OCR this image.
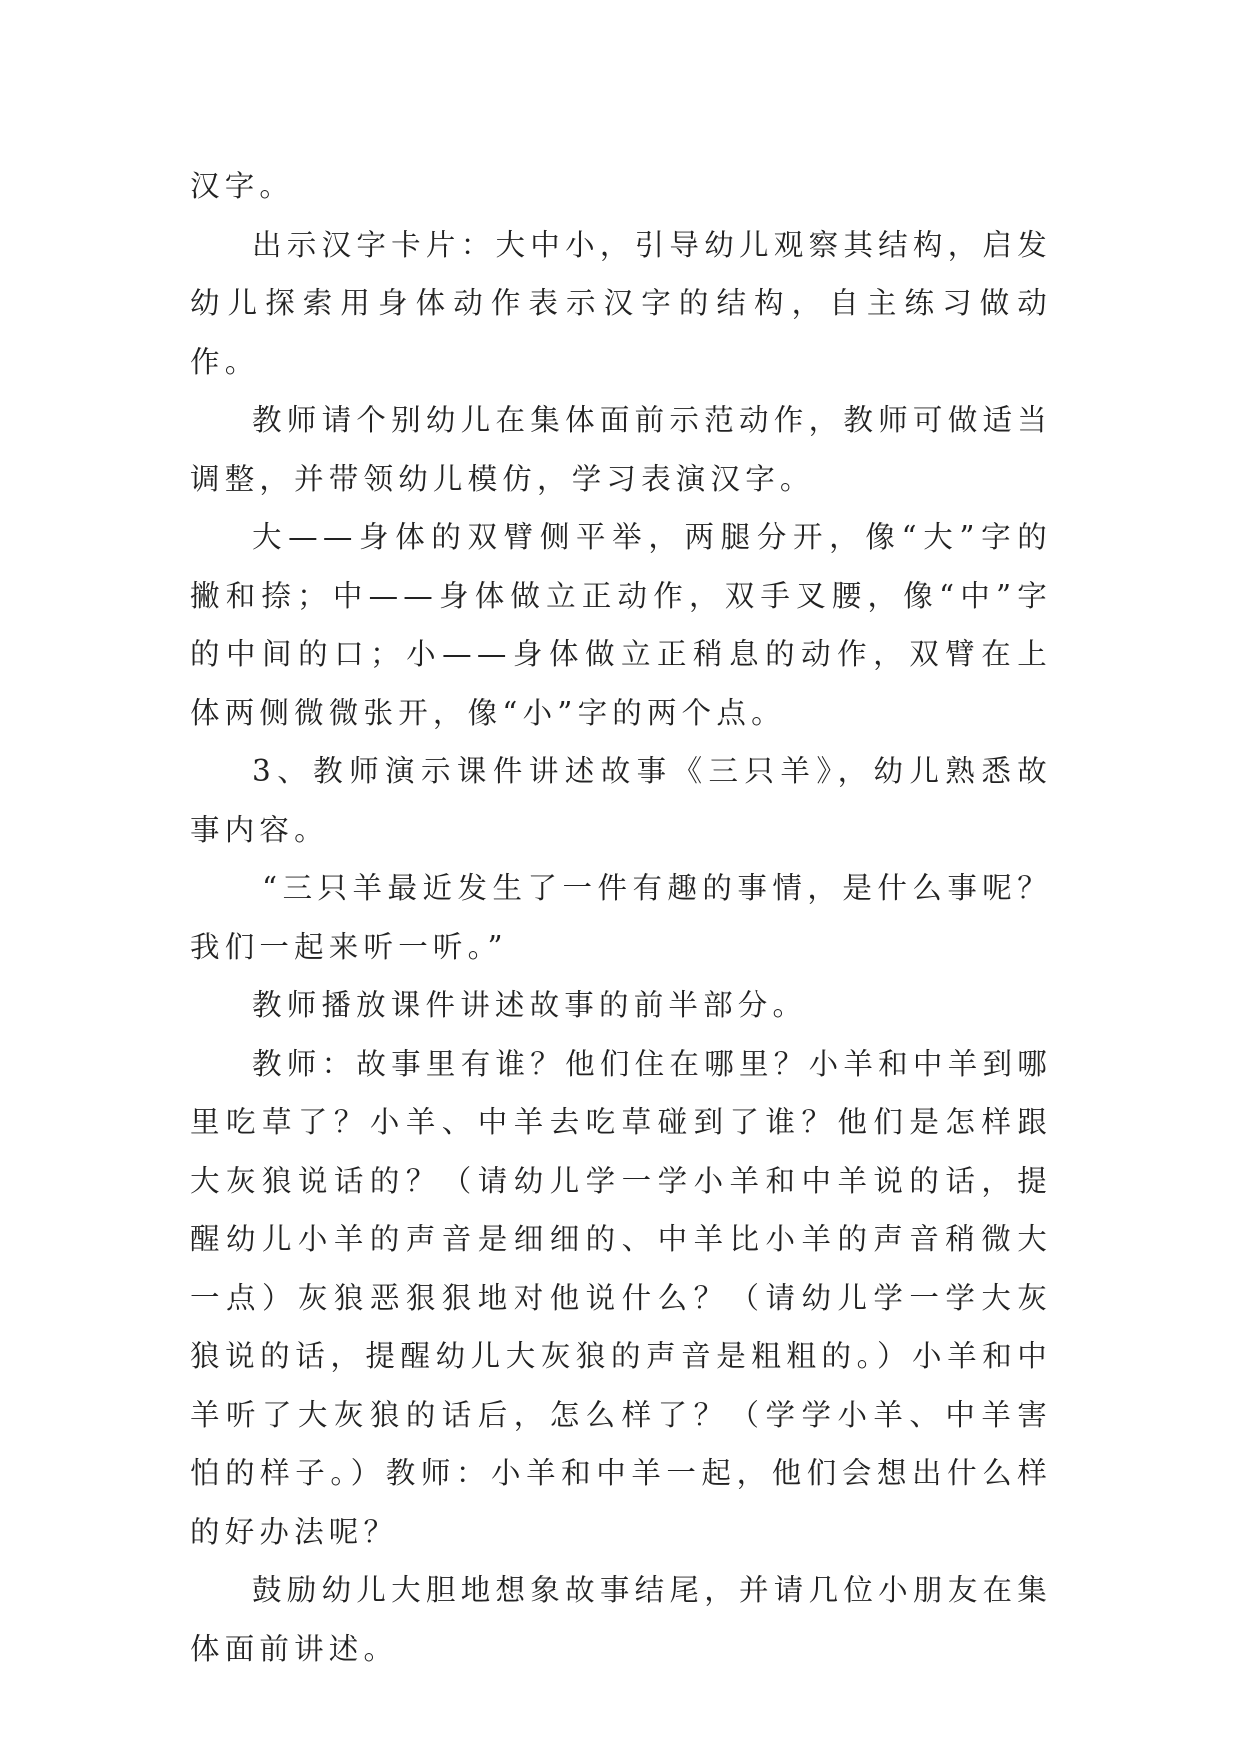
汉字。

出示汉字卡片：大中小，引导幼儿观察其结构，启发幼儿探索用身体动作表示汉字的结构，自主练习做动作。

教师请个别幼儿在集体面前示范动作，教师可做适当调整，并带领幼儿模仿，学习表演汉字。

大——身体的双臂侧平举，两腿分开，像“大”字的撇和捺；中——身体做立正动作，双手叉腰，像“中”字的中间的口；小——身体做立正稍息的动作，双臂在上体两侧微微张开，像“小”字的两个点。

3、教师演示课件讲述故事《三只羊》，幼儿熟悉故事内容。

“三只羊最近发生了一件有趣的事情，是什么事呢？我们一起来听一听。”

教师播放课件讲述故事的前半部分。

教师：故事里有谁？他们住在哪里？小羊和中羊到哪里吃草了？小羊、中羊去吃草碰到了谁？他们是怎样跟大灰狼说话的？（请幼儿学一学小羊和中羊说的话，提醒幼儿小羊的声音是细细的、中羊比小羊的声音稍微大一点）灰狼恶狠狠地对他说什么？（请幼儿学一学大灰狼说的话，提醒幼儿大灰狼的声音是粗粗的。）小羊和中羊听了大灰狼的话后，怎么样了？（学学小羊、中羊害怕的样子。）教师：小羊和中羊一起，他们会想出什么样的好办法呢？

鼓励幼儿大胆地想象故事结尾，并请几位小朋友在集体面前讲述。
